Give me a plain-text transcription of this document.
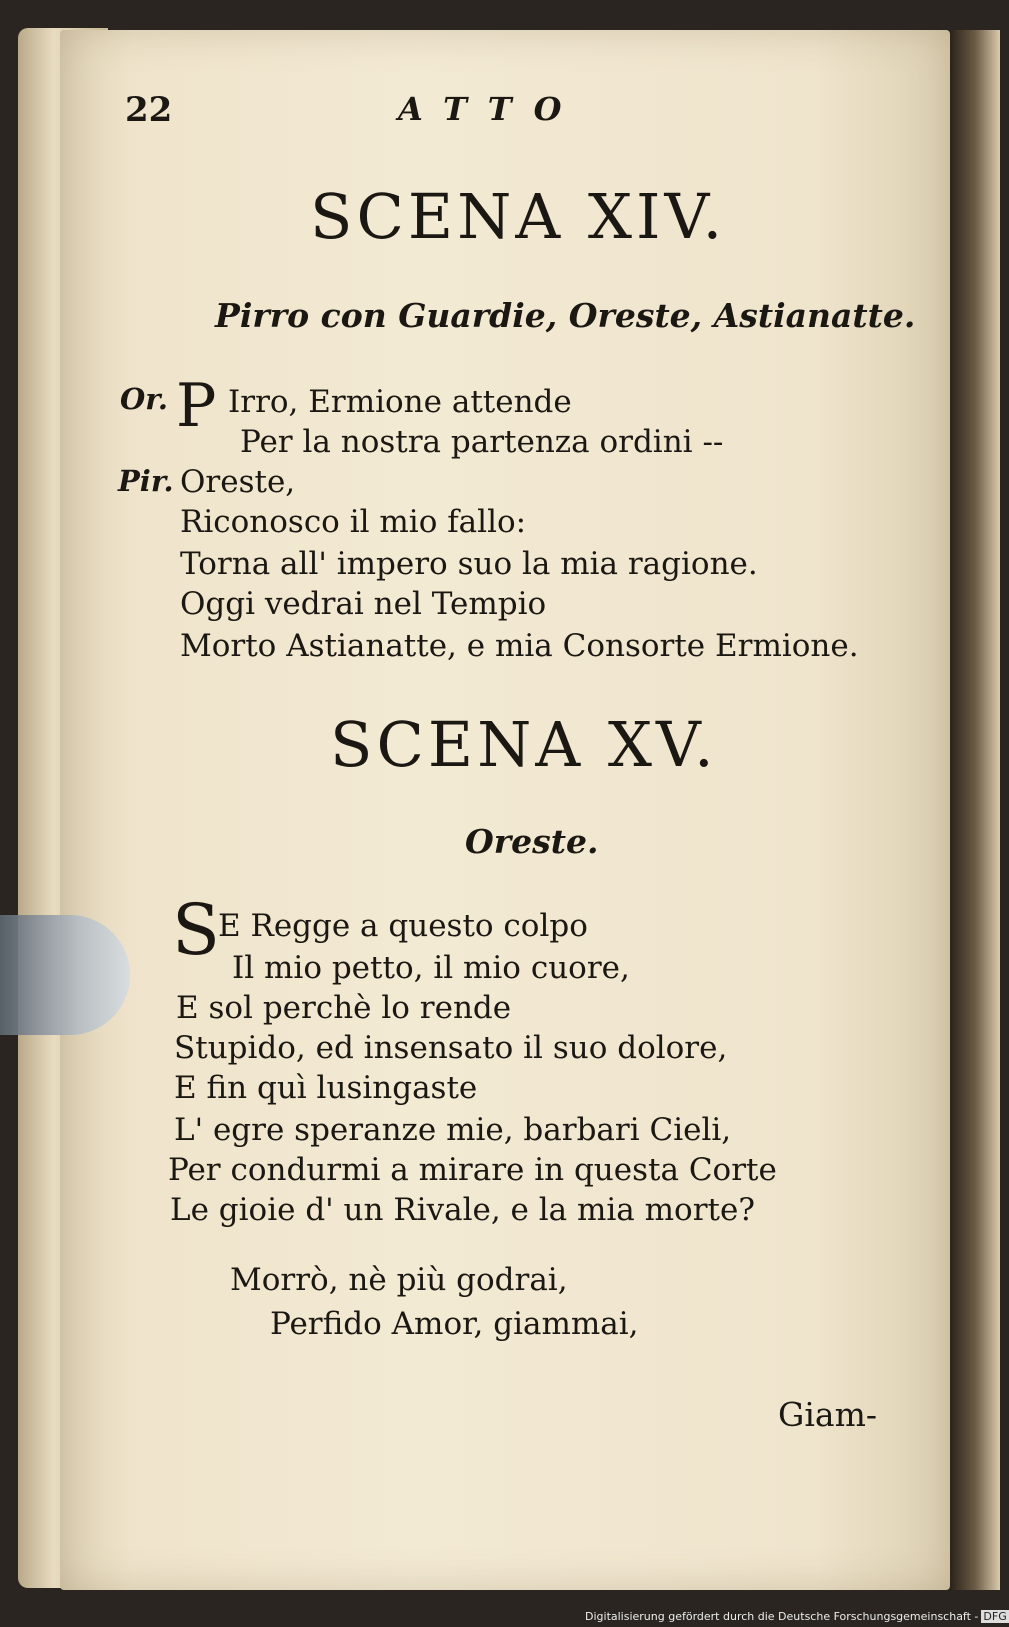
22	ATTO
SCENA XIV.
Pirro con Guardie, Oreste, Astianatte.
Or. P Irro, Ermione attende
Per la nostra partenza ordini --
Pir. Oreste,
Riconosco il mio fallo:
Torna all' impero suo la mia ragione.
Oggi vedrai nel Tempio
Morto Astianatte, e mia Consorte Ermione.
SCENA XV.
Oreste.
S
E Regge a questo colpo
Il mio petto, il mio cuore,
E sol perchè lo rende
Stupido, ed insensato il suo dolore,
E fin quì lusingaste
L' egre speranze mie, barbari Cieli,
Per condurmi a mirare in questa Corte
Le gioie d' un Rivale, e la mia morte?
Morrò, nè più godrai,
Perfido Amor, giammai,
Giam-
Digitalisierung gefördert durch die Deutsche Forschungsgemeinschaft - DFG
